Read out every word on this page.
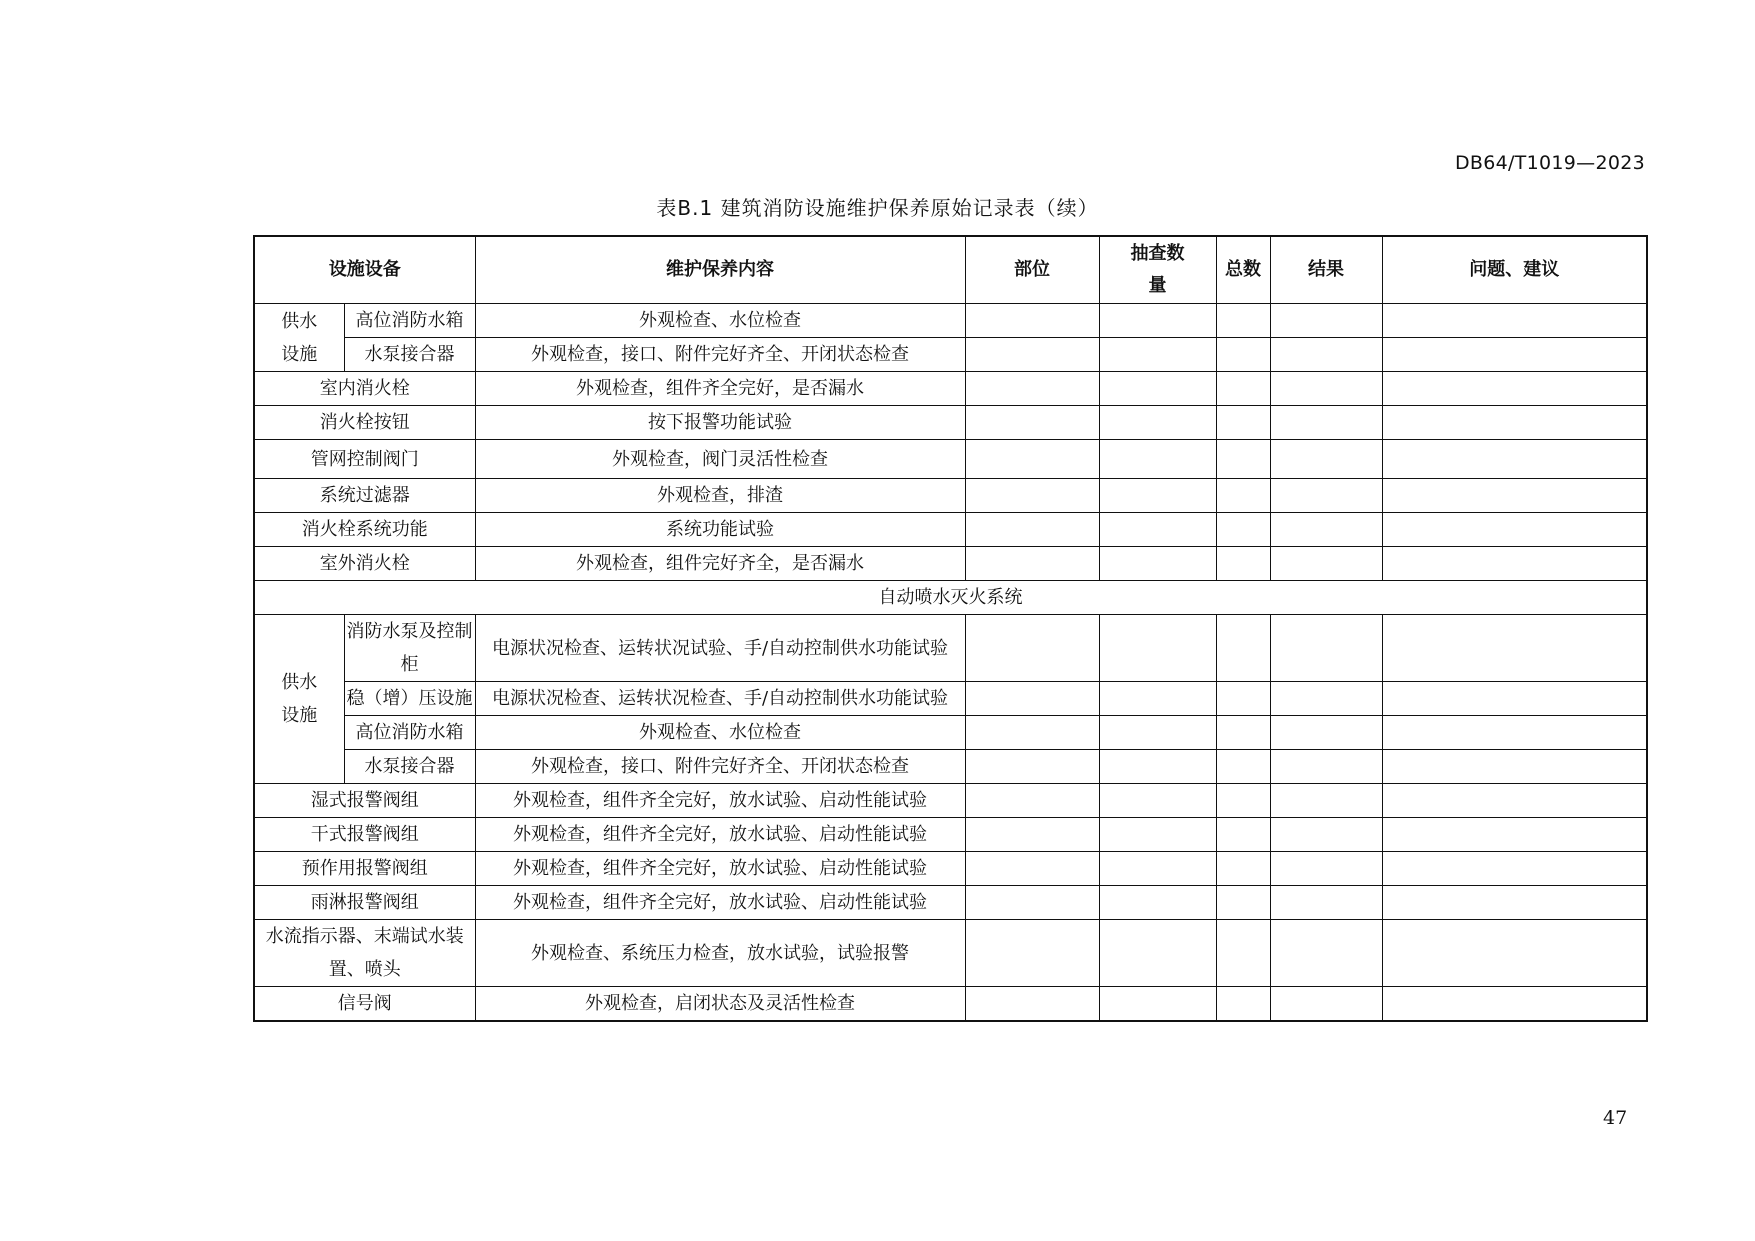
DB64/T1019—2023
表B.1 建筑消防设施维护保养原始记录表（续）
设施设备		维护保养内容	部位	抽查数量	总数	结果	问题、建议
供水设施	高位消防水箱	外观检查、水位检查					
	水泵接合器	外观检查，接口、附件完好齐全、开闭状态检查					
室内消火栓		外观检查，组件齐全完好，是否漏水					
消火栓按钮		按下报警功能试验					
管网控制阀门		外观检查，阀门灵活性检查					
系统过滤器		外观检查，排渣					
消火栓系统功能		系统功能试验					
室外消火栓		外观检查，组件完好齐全，是否漏水					
自动喷水灭火系统							
供水设施	消防水泵及控制柜	电源状况检查、运转状况试验、手/自动控制供水功能试验					
	稳（增）压设施	电源状况检查、运转状况检查、手/自动控制供水功能试验					
	高位消防水箱	外观检查、水位检查					
	水泵接合器	外观检查，接口、附件完好齐全、开闭状态检查					
湿式报警阀组		外观检查，组件齐全完好，放水试验、启动性能试验					
干式报警阀组		外观检查，组件齐全完好，放水试验、启动性能试验					
预作用报警阀组		外观检查，组件齐全完好，放水试验、启动性能试验					
雨淋报警阀组		外观检查，组件齐全完好，放水试验、启动性能试验					
水流指示器、末端试水装置、喷头		外观检查、系统压力检查，放水试验，试验报警					
信号阀		外观检查，启闭状态及灵活性检查					
47
